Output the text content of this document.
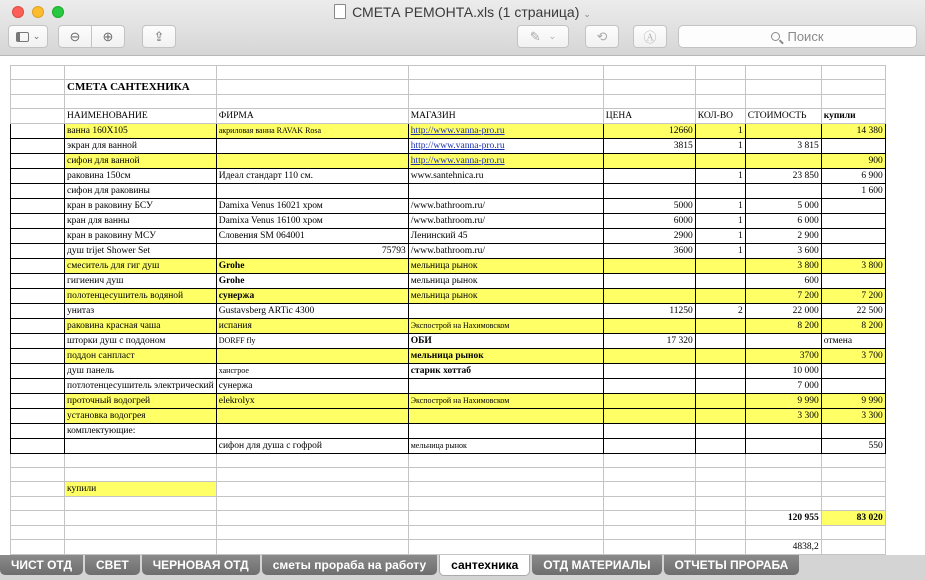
СМЕТА РЕМОНТА.xls (1 страница) ⌄
⌄ ⊖ ⊕	⇪	✎ ⌄	⟲	Ⓐ	Поиск

	СМЕТА САНТЕХНИКА						

	НАИМЕНОВАНИЕ	ФИРМА	МАГАЗИН	ЦЕНА	КОЛ-ВО	СТОИМОСТЬ	купили
	ванна 160X105	акриловая ванна RAVAK Rosa	http://www.vanna-pro.ru	12660	1		14 380
	экран для ванной		http://www.vanna-pro.ru	3815	1	3 815	
	сифон для ванной		http://www.vanna-pro.ru				900
	раковина 150см	Идеал стандарт 110 см.	www.santehnica.ru		1	23 850	6 900
	сифон для раковины						1 600
	кран в раковину БСУ	Damixa Venus 16021 хром	/www.bathroom.ru/	5000	1	5 000	
	кран для ванны	Damixa Venus 16100 хром	/www.bathroom.ru/	6000	1	6 000	
	кран в раковину МСУ	Словения SM 064001	Ленинский 45	2900	1	2 900	
	душ trijet Shower Set	75793	/www.bathroom.ru/	3600	1	3 600	
	смеситель для гиг душ	Grohe	мельница рынок			3 800	3 800
	гигиенич душ	Grohe	мельница рынок			600	
	полотенцесушитель водяной	сунержа	мельница рынок			7 200	7 200
	унитаз	Gustavsberg ARTic 4300		11250	2	22 000	22 500
	раковина красная чаша	испания	Экспострой на Нахимовском			8 200	8 200
	шторки душ с поддоном	DORFF fly	ОБИ	17 320			отмена
	поддон санпласт		мельница рынок			3700	3 700
	душ панель	хансгрое	старик хоттаб			10 000	
	потлотенцесушитель электрический	сунержа				7 000	
	проточный водогрей	elekrolyx	Экспострой на Нахимовском			9 990	9 990
	установка водогрея					3 300	3 300
	комплектующие:						
		сифон для душа с гофрой	мельница рынок				550

	купили						

						120 955	83 020

						4838,2	
ЧИСТ ОТД	СВЕТ	ЧЕРНОВАЯ ОТД	сметы прораба на работу	сантехника	ОТД МАТЕРИАЛЫ	ОТЧЕТЫ ПРОРАБА
